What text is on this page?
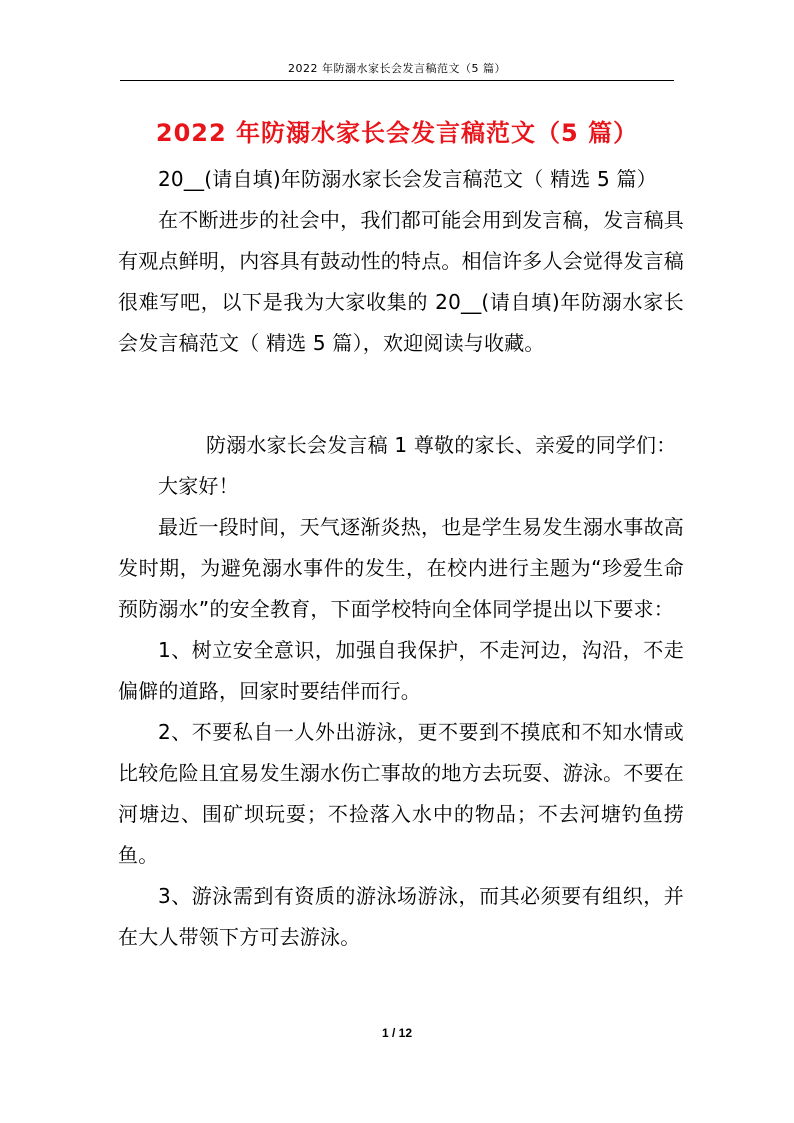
2022 年防溺水家长会发言稿范文（5 篇）
2022 年防溺水家长会发言稿范文（5 篇）

20__(请自填)年防溺水家长会发言稿范文（ 精选 5 篇）

在不断进步的社会中，我们都可能会用到发言稿，发言稿具有观点鲜明，内容具有鼓动性的特点。相信许多人会觉得发言稿很难写吧，以下是我为大家收集的 20__(请自填)年防溺水家长会发言稿范文（ 精选 5 篇），欢迎阅读与收藏。

防溺水家长会发言稿 1 尊敬的家长、亲爱的同学们：

大家好！

最近一段时间，天气逐渐炎热，也是学生易发生溺水事故高发时期，为避免溺水事件的发生，在校内进行主题为“珍爱生命预防溺水”的安全教育，下面学校特向全体同学提出以下要求：

1、树立安全意识，加强自我保护，不走河边，沟沿，不走偏僻的道路，回家时要结伴而行。

2、不要私自一人外出游泳，更不要到不摸底和不知水情或比较危险且宜易发生溺水伤亡事故的地方去玩耍、游泳。不要在河塘边、围矿坝玩耍；不捡落入水中的物品；不去河塘钓鱼捞鱼。

3、游泳需到有资质的游泳场游泳，而其必须要有组织，并在大人带领下方可去游泳。

1 / 12
